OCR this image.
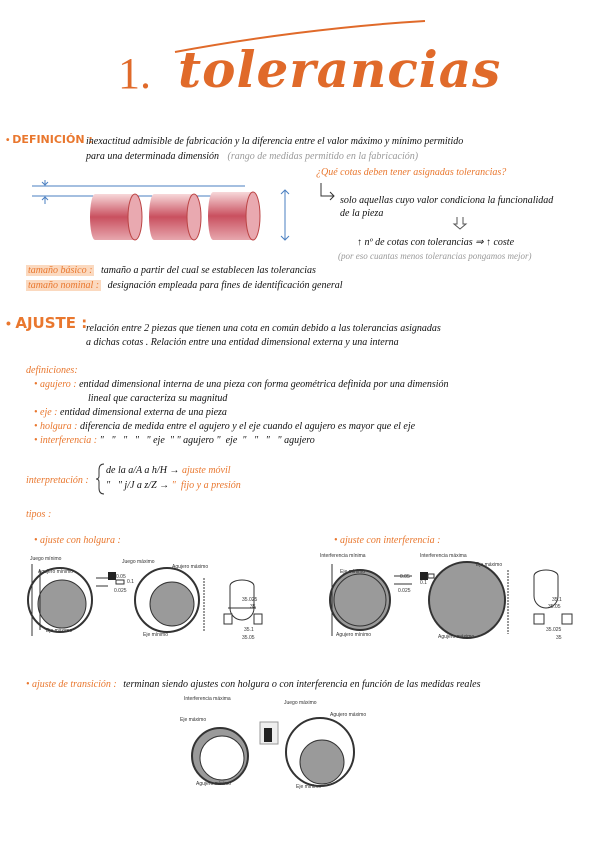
1. tolerancias
• DEFINICIÓN :
inexactitud admisible de fabricación y la diferencia entre el valor máximo y mínimo permitido
para una determinada dimensión (rango de medidas permitido en la fabricación)
¿Qué cotas deben tener asignadas tolerancias?
solo aquellas cuyo valor condiciona la funcionalidad
de la pieza
↑ nº de cotas con tolerancias ⇒ ↑ coste
(por eso cuantas menos tolerancias pongamos mejor)
tamaño básico : tamaño a partir del cual se establecen las tolerancias
tamaño nominal : designación empleada para fines de identificación general
• AJUSTE :
relación entre 2 piezas que tienen una cota en común debido a las tolerancias asignadas
a dichas cotas . Relación entre una entidad dimensional externa y una interna
definiciones:
• agujero : entidad dimensional interna de una pieza con forma geométrica definida por una dimensión
lineal que caracteriza su magnitud
• eje : entidad dimensional externa de una pieza
• holgura : diferencia de medida entre el agujero y el eje cuando el agujero es mayor que el eje
• interferencia : "   "   "   "   " eje  " " agujero "  eje  "   "   "   " agujero
interpretación :
de la a/A a h/H → ajuste móvil
"   " j/J a z/Z → "  fijo y a presión
tipos :
• ajuste con holgura :	• ajuste con interferencia :
Juego mínimo	Juego máximo
Agujero mínimo
Agujero máximo
Eje máximo
Eje mínimo
0.05
0.025
0.1
35.025
35
35.1
35.05
Interferencia mínima	Interferencia máxima
Eje máximo
Eje mínimo
Agujero mínimo	Agujero máximo
0.05
0.025
0.1
35.1
35.05
35.025
35
• ajuste de transición : terminan siendo ajustes con holgura o con interferencia en función de las medidas reales
Interferencia máxima
Juego máximo
Eje máximo
Agujero máximo
Agujero mínimo	Eje mínimo
